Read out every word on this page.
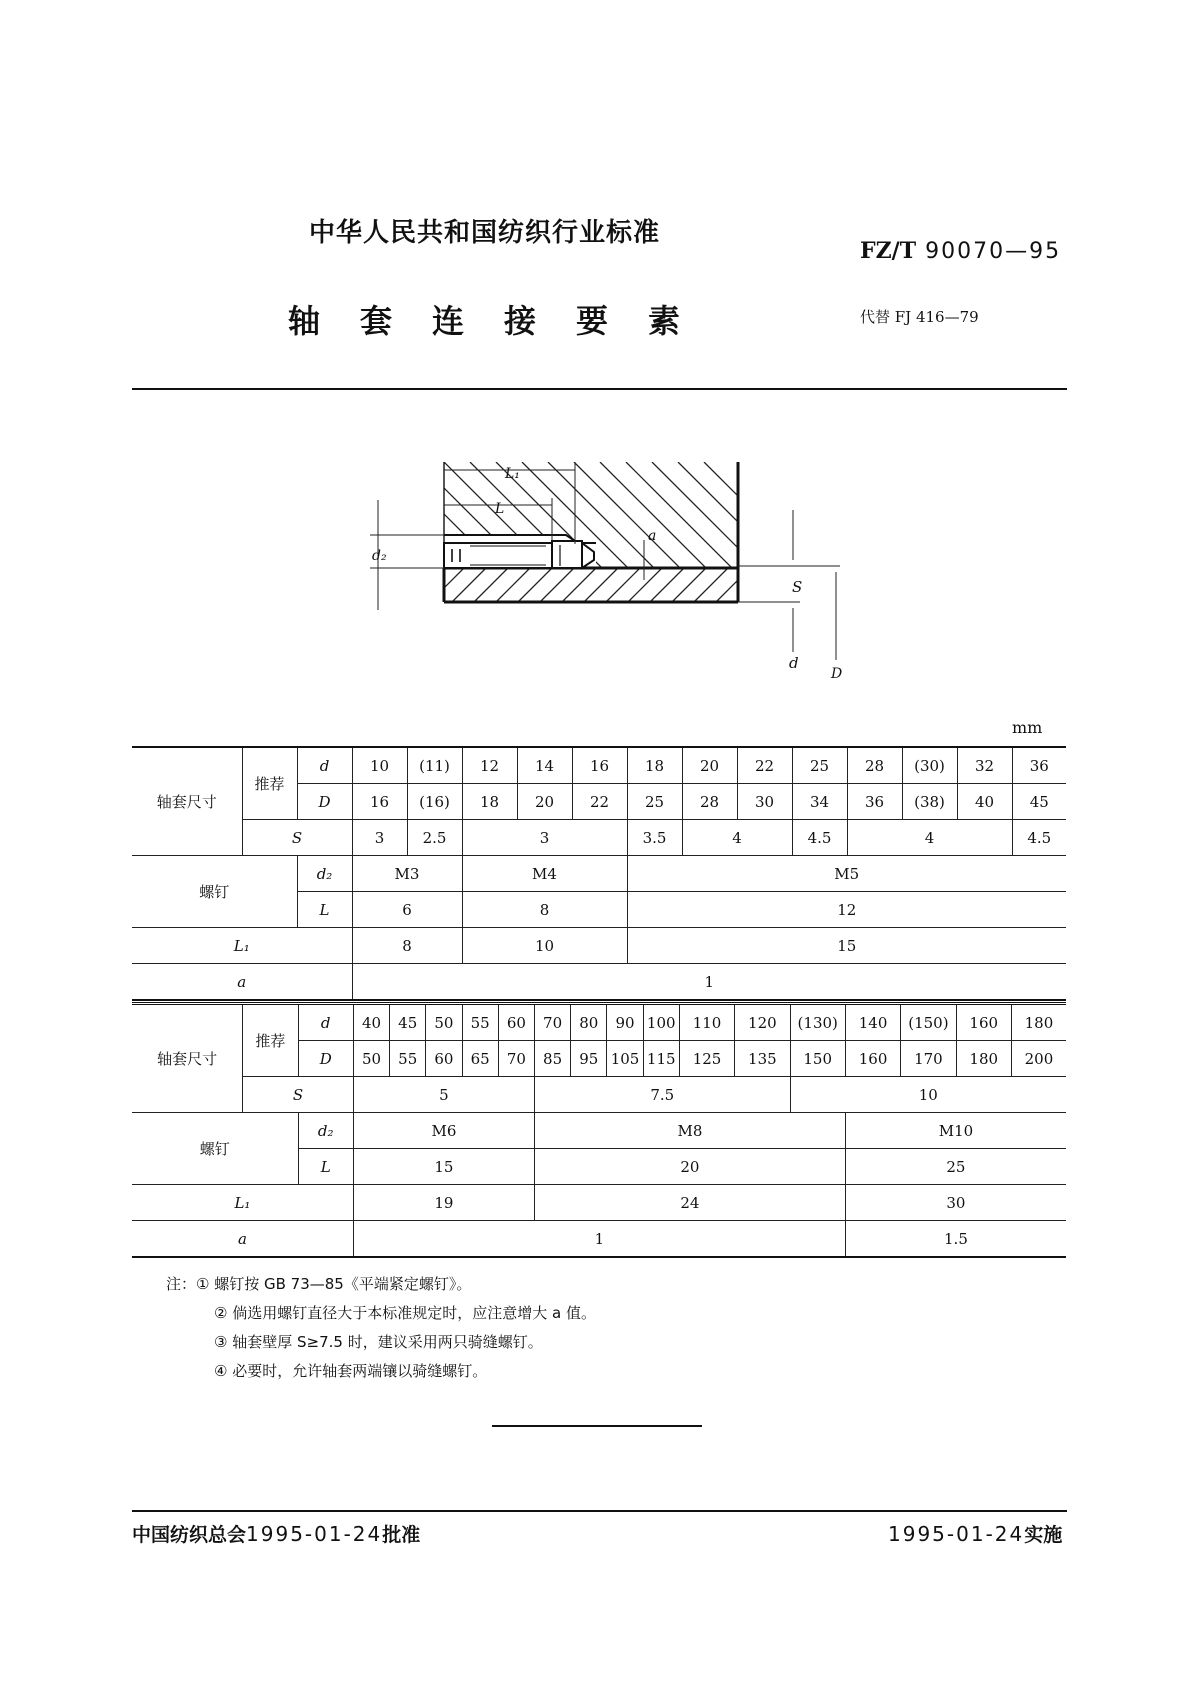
中华人民共和国纺织行业标准
FZ/T 90070—95
轴套连接要素	代替 FJ 416—79
L₁
L
a
d₂
S
d
D
mm
轴套尺寸	推荐	d	10	(11)	12	14	16	18	20	22	25	28	(30)	32	36
		D	16	(16)	18	20	22	25	28	30	34	36	(38)	40	45
	S		3	2.5	3			3.5	4		4.5	4			4.5
螺钉		d₂	M3		M4			M5							
		L	6		8			12							
L₁			8		10			15							
a			1												
轴套尺寸	推荐	d	40	45	50	55	60	70	80	90	100	110	120	(130)	140	(150)	160	180
		D	50	55	60	65	70	85	95	105	115	125	135	150	160	170	180	200
	S		5					7.5						10				
螺钉		d₂	M6					M8							M10			
		L	15					20							25			
L₁			19					24							30			
a			1												1.5			
注：① 螺钉按 GB 73—85《平端紧定螺钉》。
② 倘选用螺钉直径大于本标准规定时，应注意增大 a 值。
③ 轴套壁厚 S≥7.5 时，建议采用两只骑缝螺钉。
④ 必要时，允许轴套两端镶以骑缝螺钉。
中国纺织总会1995-01-24批准	1995-01-24实施
